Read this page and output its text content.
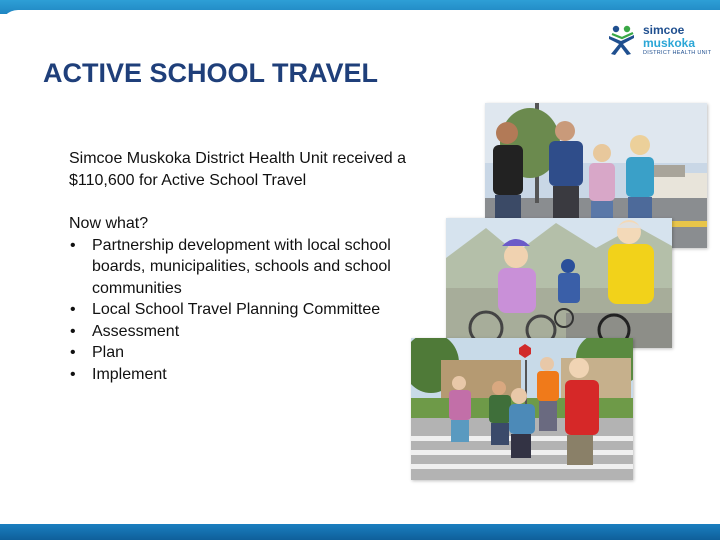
ACTIVE SCHOOL TRAVEL
simcoe
muskoka
DISTRICT HEALTH UNIT

Simcoe Muskoka District Health Unit received a $110,600 for Active School Travel

Now what?

• Partnership development with local school boards, municipalities, schools and school communities
• Local School Travel Planning Committee
• Assessment
• Plan
• Implement
